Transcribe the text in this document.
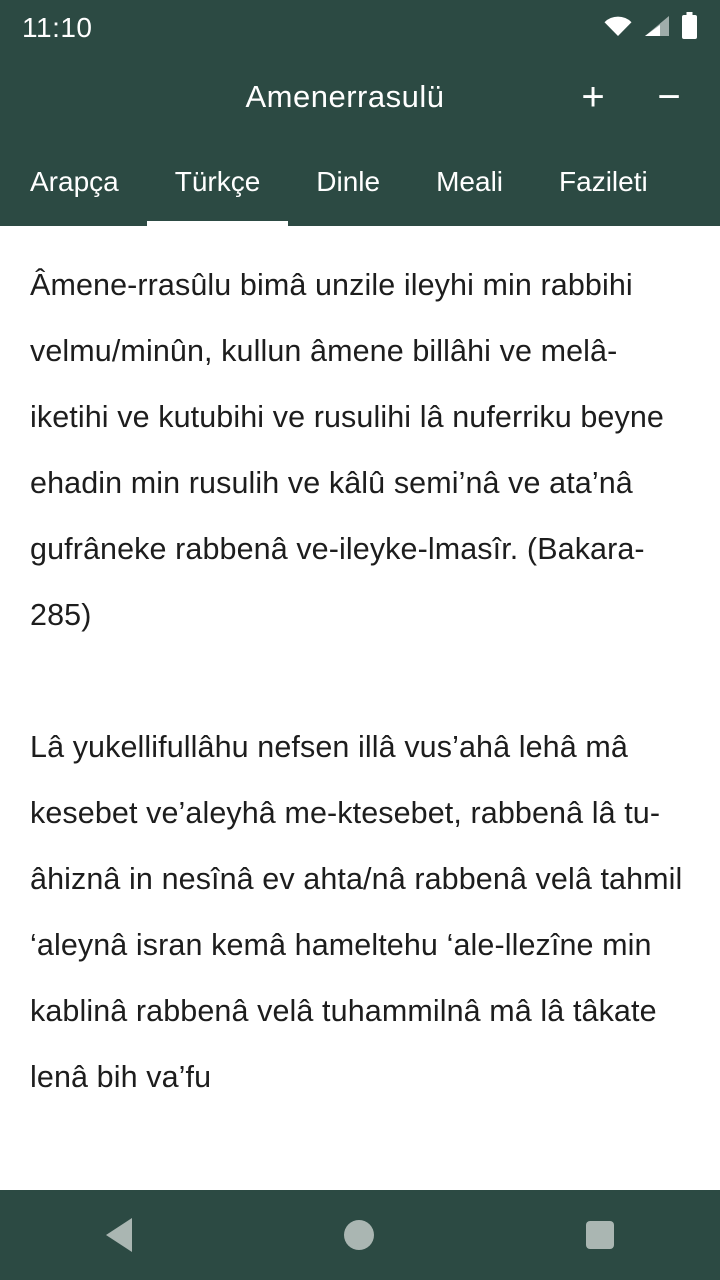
11:10
Amenerrasulü	+ −
Arapça	Türkçe	Dinle	Meali	Fazileti
Âmene-rrasûlu bimâ unzile ileyhi min rabbihi velmu/minûn, kullun âmene billâhi ve melâ-iketihi ve kutubihi ve rusulihi lâ nuferriku beyne ehadin min rusulih ve kâlû semi’nâ ve ata’nâ gufrâneke rabbenâ ve-ileyke-lmasîr. (Bakara-285)
Lâ yukellifullâhu nefsen illâ vus’ahâ lehâ mâ kesebet ve’aleyhâ me-ktesebet, rabbenâ lâ tu-âhiznâ in nesînâ ev ahta/nâ rabbenâ velâ tahmil ‘aleynâ isran kemâ hameltehu ‘ale-llezîne min kablinâ rabbenâ velâ tuhammilnâ mâ lâ tâkate lenâ bih va’fu
